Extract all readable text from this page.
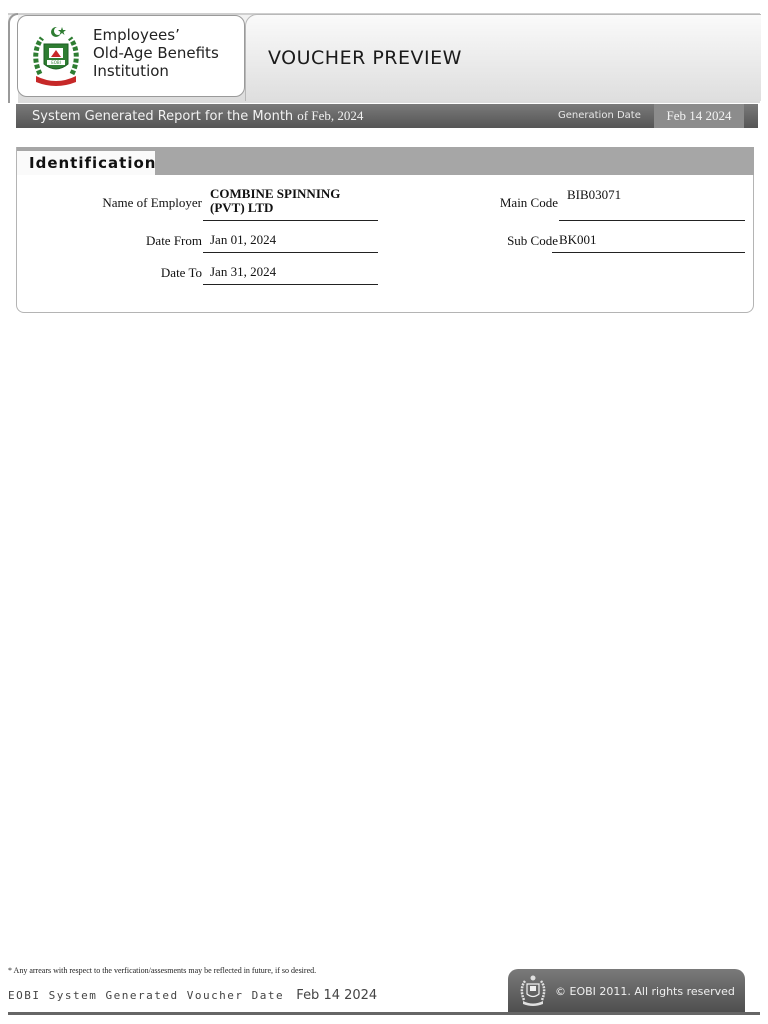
EOBI
Employees’
Old-Age Benefits
Institution
VOUCHER PREVIEW
System Generated Report for the Month of Feb, 2024	Generation Date	Feb 14 2024
Identification
Name of Employer
COMBINE SPINNING (PVT) LTD
Date From Jan 01, 2024
Date To Jan 31, 2024
Main Code
BIB03071
Sub Code BK001
* Any arrears with respect to the verfication/assesments may be reflected in future, if so desired.
EOBI System Generated Voucher Date Feb 14 2024	© EOBI 2011. All rights reserved
